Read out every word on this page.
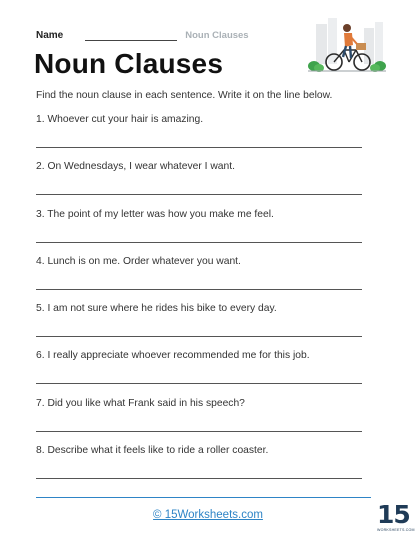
Name	Noun Clauses
Noun Clauses
Find the noun clause in each sentence. Write it on the line below.
1. Whoever cut your hair is amazing.
2. On Wednesdays, I wear whatever I want.
3. The point of my letter was how you make me feel.
4. Lunch is on me. Order whatever you want.
5. I am not sure where he rides his bike to every day.
6. I really appreciate whoever recommended me for this job.
7. Did you like what Frank said in his speech?
8. Describe what it feels like to ride a roller coaster.
© 15Worksheets.com	15
WORKSHEETS.COM
